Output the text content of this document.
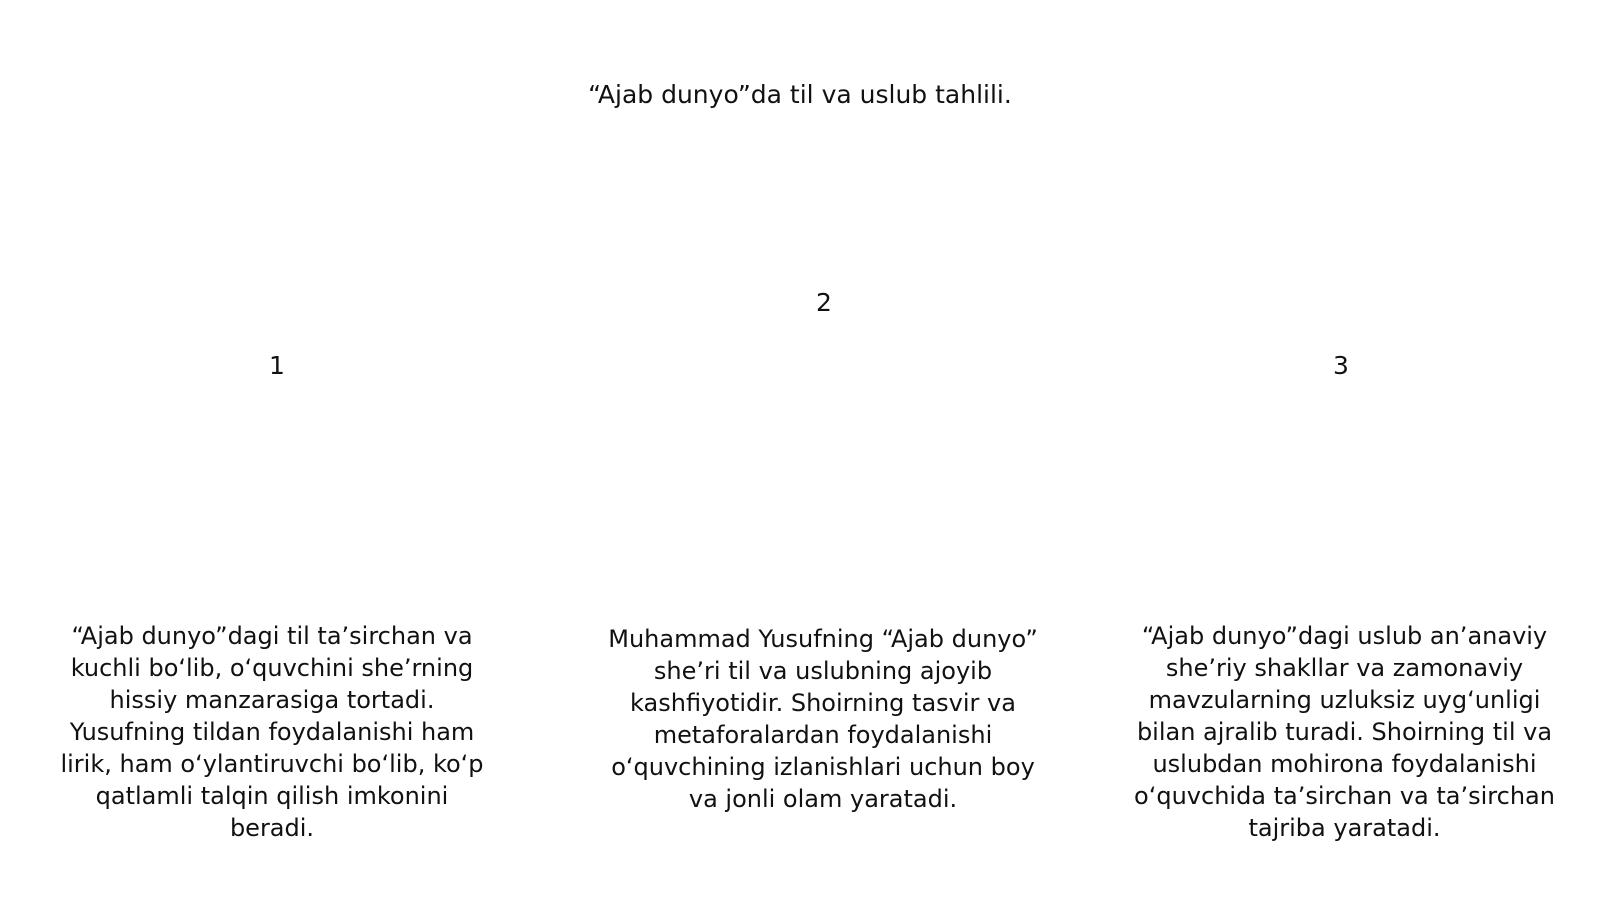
“Ajab dunyo”da til va uslub tahlili.
1
2
3
“Ajab dunyo”dagi til ta’sirchan va kuchli bo‘lib, o‘quvchini she’rning hissiy manzarasiga tortadi. Yusufning tildan foydalanishi ham lirik, ham o‘ylantiruvchi bo‘lib, ko‘p qatlamli talqin qilish imkonini beradi.
Muhammad Yusufning “Ajab dunyo” she’ri til va uslubning ajoyib kashfiyotidir. Shoirning tasvir va metaforalardan foydalanishi o‘quvchining izlanishlari uchun boy va jonli olam yaratadi.
“Ajab dunyo”dagi uslub an’anaviy she’riy shakllar va zamonaviy mavzularning uzluksiz uyg‘unligi bilan ajralib turadi. Shoirning til va uslubdan mohirona foydalanishi o‘quvchida ta’sirchan va ta’sirchan tajriba yaratadi.
